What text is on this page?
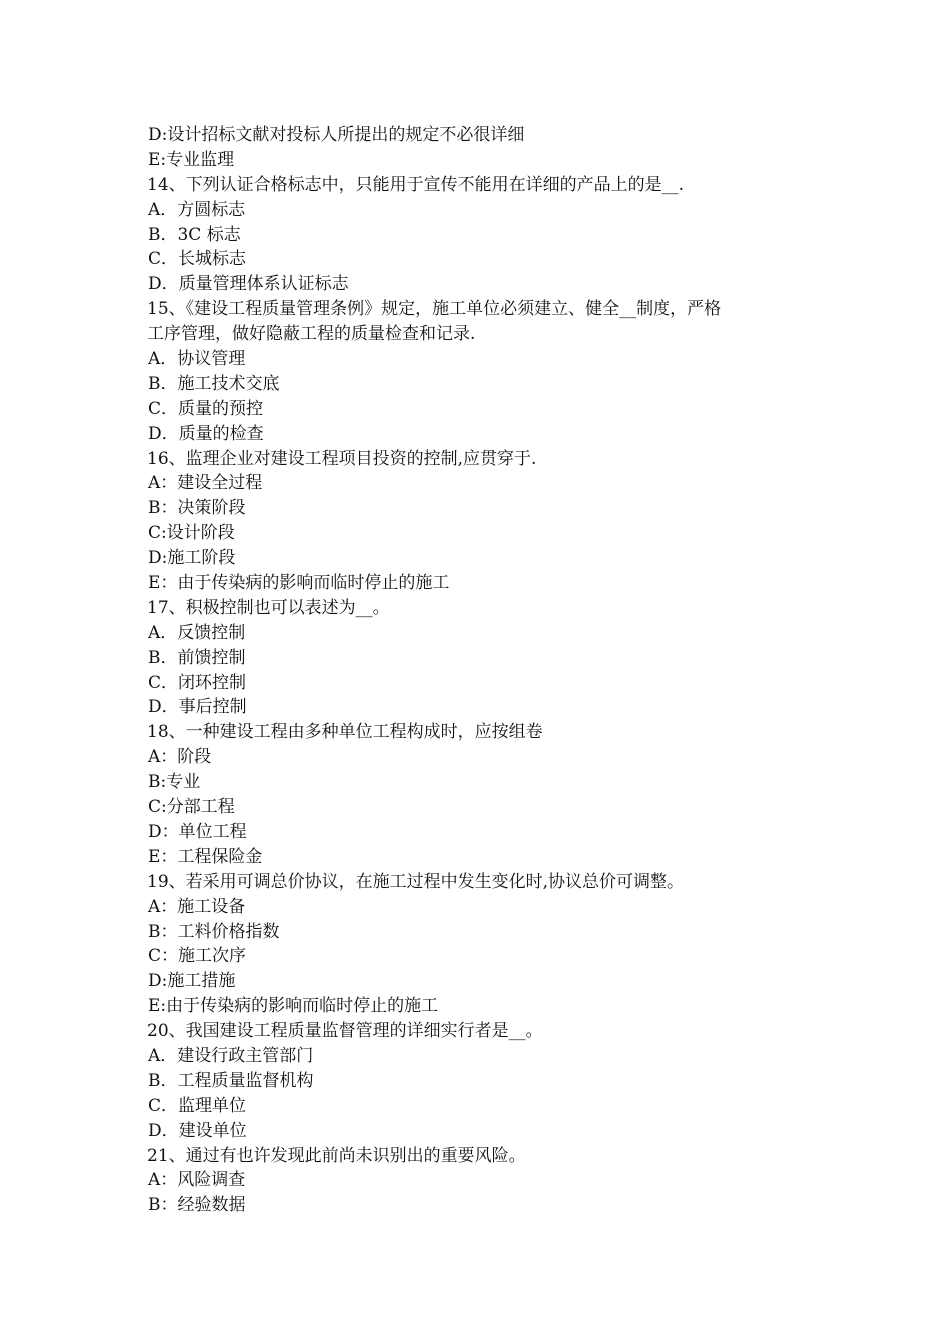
D:设计招标文献对投标人所提出的规定不必很详细
E:专业监理
14、下列认证合格标志中，只能用于宣传不能用在详细的产品上的是__.
A．方圆标志
B．3C 标志
C．长城标志
D．质量管理体系认证标志
15、《建设工程质量管理条例》规定，施工单位必须建立、健全__制度，严格
工序管理，做好隐蔽工程的质量检查和记录.
A．协议管理
B．施工技术交底
C．质量的预控
D．质量的检查
16、监理企业对建设工程项目投资的控制,应贯穿于.
A：建设全过程
B：决策阶段
C:设计阶段
D:施工阶段
E：由于传染病的影响而临时停止的施工
17、积极控制也可以表述为__。
A．反馈控制
B．前馈控制
C．闭环控制
D．事后控制
18、一种建设工程由多种单位工程构成时，应按组卷
A：阶段
B:专业
C:分部工程
D：单位工程
E：工程保险金
19、若采用可调总价协议，在施工过程中发生变化时,协议总价可调整。
A：施工设备
B：工料价格指数
C：施工次序
D:施工措施
E:由于传染病的影响而临时停止的施工
20、我国建设工程质量监督管理的详细实行者是__。
A．建设行政主管部门
B．工程质量监督机构
C．监理单位
D．建设单位
21、通过有也许发现此前尚未识别出的重要风险。
A：风险调查
B：经验数据
